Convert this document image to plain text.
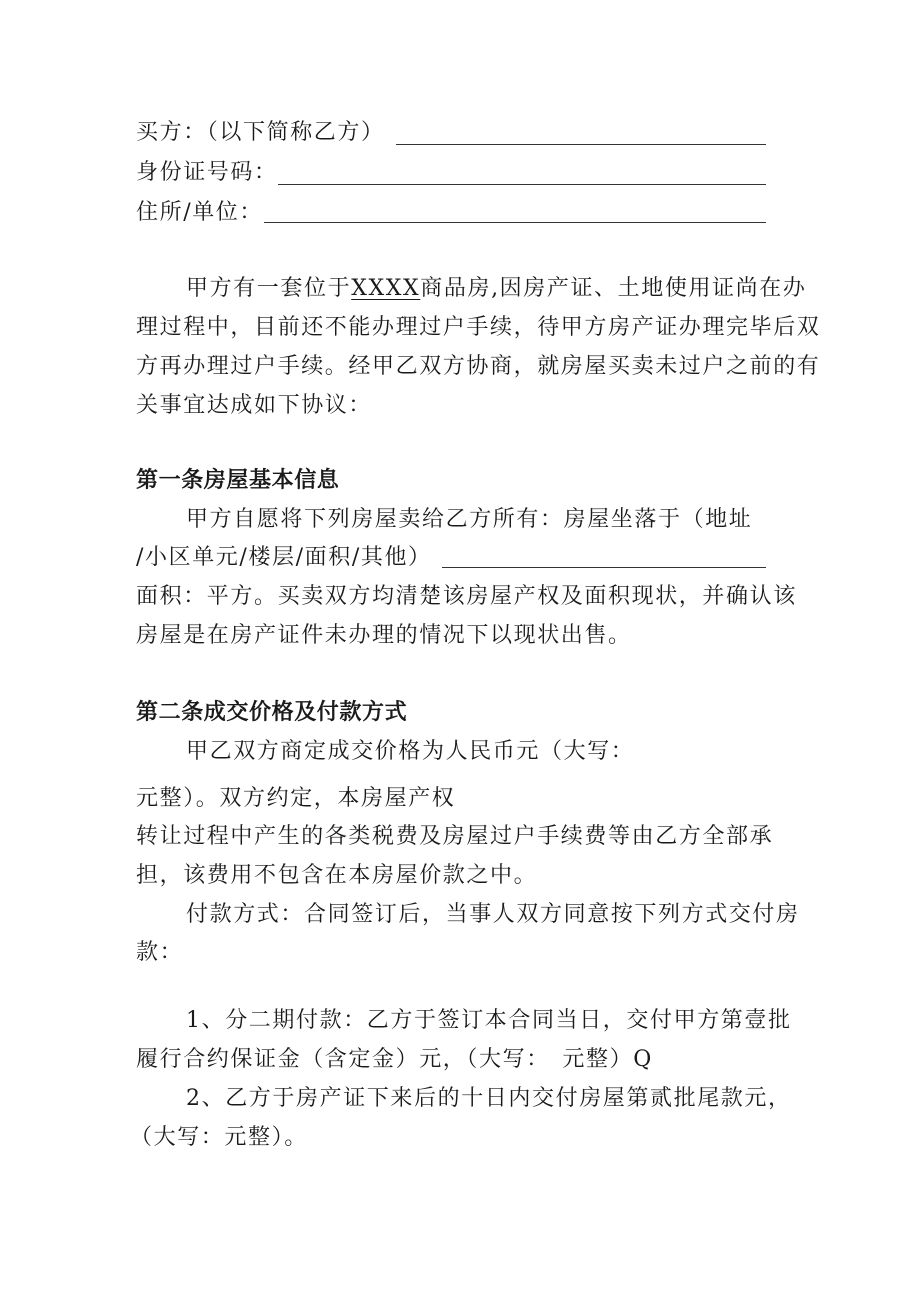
买方：（以下简称乙方）
身份证号码：
住所/单位：
甲方有一套位于XXXX商品房,因房产证、土地使用证尚在办
理过程中，目前还不能办理过户手续，待甲方房产证办理完毕后双
方再办理过户手续。经甲乙双方协商，就房屋买卖未过户之前的有
关事宜达成如下协议：
第一条房屋基本信息
甲方自愿将下列房屋卖给乙方所有：房屋坐落于（地址
/小区单元/楼层/面积/其他）
面积：平方。买卖双方均清楚该房屋产权及面积现状，并确认该
房屋是在房产证件未办理的情况下以现状出售。
第二条成交价格及付款方式
甲乙双方商定成交价格为人民币元（大写：
元整）。双方约定，本房屋产权
转让过程中产生的各类税费及房屋过户手续费等由乙方全部承
担，该费用不包含在本房屋价款之中。
付款方式：合同签订后，当事人双方同意按下列方式交付房
款：
1、分二期付款：乙方于签订本合同当日，交付甲方第壹批
履行合约保证金（含定金）元，（大写：　元整）Q
2、乙方于房产证下来后的十日内交付房屋第贰批尾款元，
（大写：元整）。
